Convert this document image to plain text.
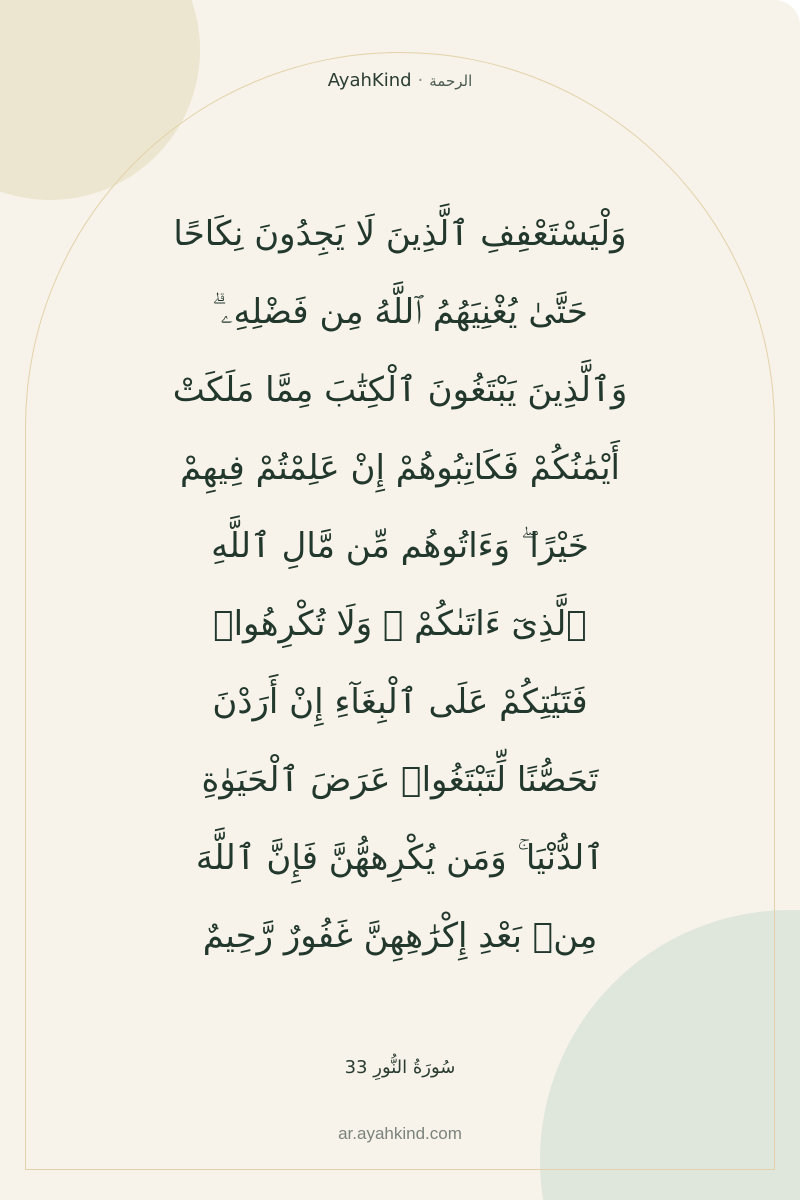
AyahKind · الرحمة
وَلْيَسْتَعْفِفِ ٱلَّذِينَ لَا يَجِدُونَ نِكَاحًا
حَتَّىٰ يُغْنِيَهُمُ ٱللَّهُ مِن فَضْلِهِۦ ۗ
وَٱلَّذِينَ يَبْتَغُونَ ٱلْكِتَٰبَ مِمَّا مَلَكَتْ
أَيْمَٰنُكُمْ فَكَاتِبُوهُمْ إِنْ عَلِمْتُمْ فِيهِمْ
خَيْرًا ۖ وَءَاتُوهُم مِّن مَّالِ ٱللَّهِ
ٱلَّذِىٓ ءَاتَىٰكُمْ ۚ وَلَا تُكْرِهُوا۟
فَتَيَٰتِكُمْ عَلَى ٱلْبِغَآءِ إِنْ أَرَدْنَ
تَحَصُّنًا لِّتَبْتَغُوا۟ عَرَضَ ٱلْحَيَوٰةِ
ٱلدُّنْيَا ۚ وَمَن يُكْرِههُّنَّ فَإِنَّ ٱللَّهَ
مِنۢ بَعْدِ إِكْرَٰهِهِنَّ غَفُورٌ رَّحِيمٌ
سُورَةُ النُّورِ 33
ar.ayahkind.com
